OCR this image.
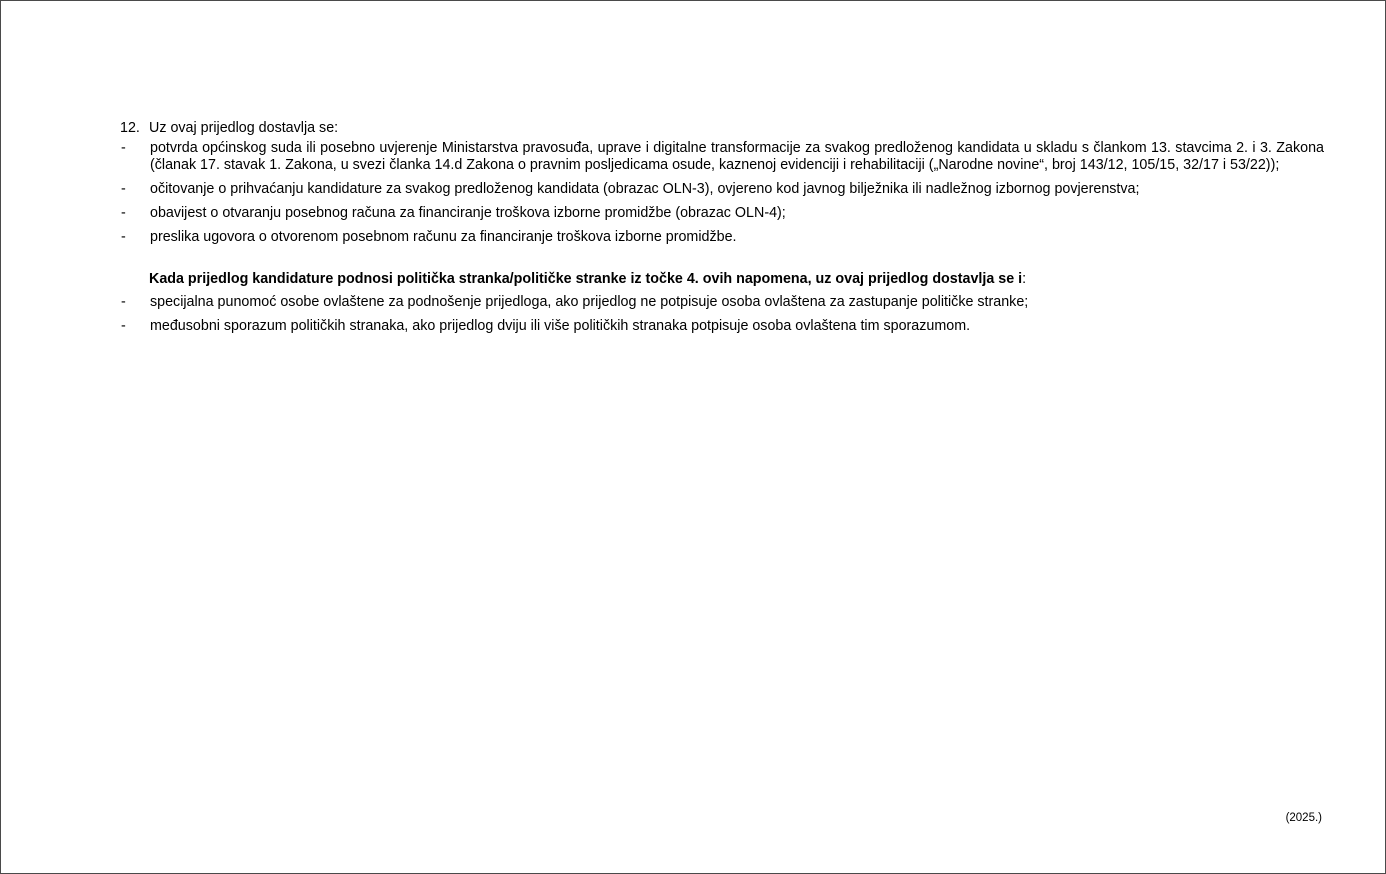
12. Uz ovaj prijedlog dostavlja se:
-	potvrda općinskog suda ili posebno uvjerenje Ministarstva pravosuđa, uprave i digitalne transformacije za svakog predloženog kandidata u skladu s člankom 13. stavcima 2. i 3. Zakona (članak 17. stavak 1. Zakona, u svezi članka 14.d Zakona o pravnim posljedicama osude, kaznenoj evidenciji i rehabilitaciji („Narodne novine“, broj 143/12, 105/15, 32/17 i 53/22));
-	očitovanje o prihvaćanju kandidature za svakog predloženog kandidata (obrazac OLN-3), ovjereno kod javnog bilježnika ili nadležnog izbornog povjerenstva;
-	obavijest o otvaranju posebnog računa za financiranje troškova izborne promidžbe (obrazac OLN-4);
-	preslika ugovora o otvorenom posebnom računu za financiranje troškova izborne promidžbe.
Kada prijedlog kandidature podnosi politička stranka/političke stranke iz točke 4. ovih napomena, uz ovaj prijedlog dostavlja se i:
-	specijalna punomoć osobe ovlaštene za podnošenje prijedloga, ako prijedlog ne potpisuje osoba ovlaštena za zastupanje političke stranke;
-	međusobni sporazum političkih stranaka, ako prijedlog dviju ili više političkih stranaka potpisuje osoba ovlaštena tim sporazumom.
(2025.)
